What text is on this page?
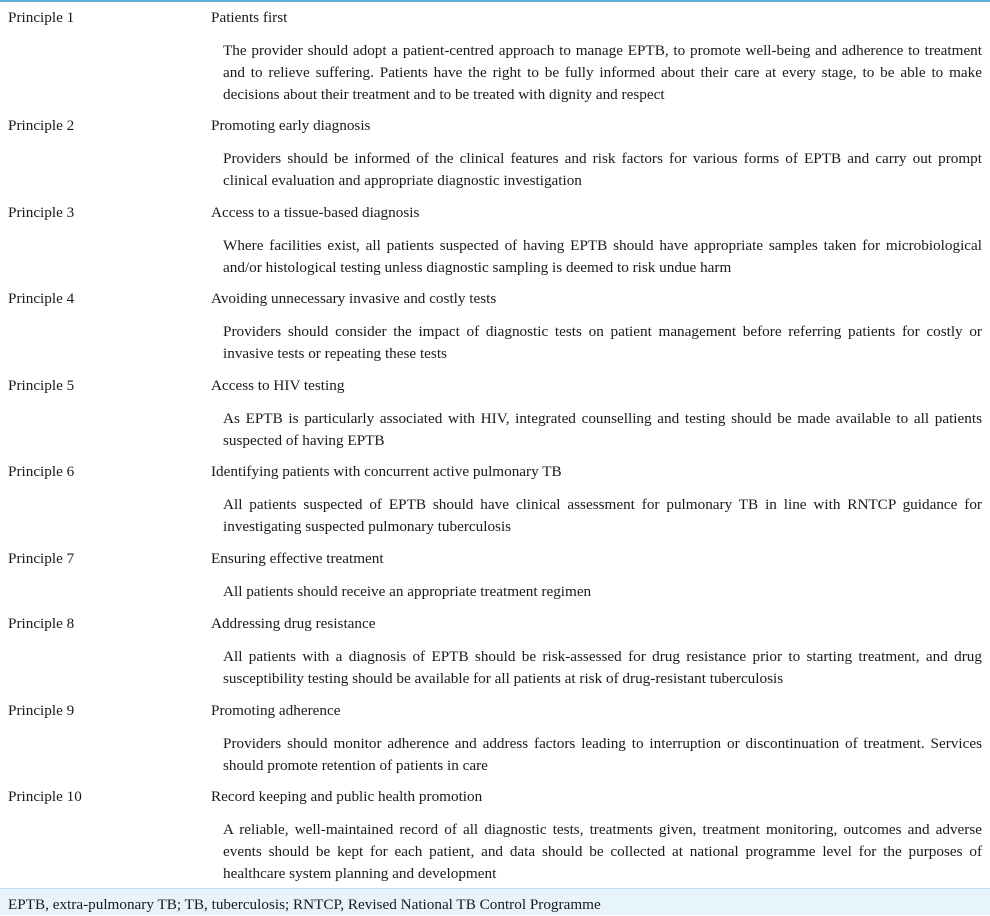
Principle 1	Patients first
The provider should adopt a patient-centred approach to manage EPTB, to promote well-being and adherence to treatment and to relieve suffering. Patients have the right to be fully informed about their care at every stage, to be able to make decisions about their treatment and to be treated with dignity and respect
Principle 2	Promoting early diagnosis
Providers should be informed of the clinical features and risk factors for various forms of EPTB and carry out prompt clinical evaluation and appropriate diagnostic investigation
Principle 3	Access to a tissue-based diagnosis
Where facilities exist, all patients suspected of having EPTB should have appropriate samples taken for microbiological and/or histological testing unless diagnostic sampling is deemed to risk undue harm
Principle 4	Avoiding unnecessary invasive and costly tests
Providers should consider the impact of diagnostic tests on patient management before referring patients for costly or invasive tests or repeating these tests
Principle 5	Access to HIV testing
As EPTB is particularly associated with HIV, integrated counselling and testing should be made available to all patients suspected of having EPTB
Principle 6	Identifying patients with concurrent active pulmonary TB
All patients suspected of EPTB should have clinical assessment for pulmonary TB in line with RNTCP guidance for investigating suspected pulmonary tuberculosis
Principle 7	Ensuring effective treatment
All patients should receive an appropriate treatment regimen
Principle 8	Addressing drug resistance
All patients with a diagnosis of EPTB should be risk-assessed for drug resistance prior to starting treatment, and drug susceptibility testing should be available for all patients at risk of drug-resistant tuberculosis
Principle 9	Promoting adherence
Providers should monitor adherence and address factors leading to interruption or discontinuation of treatment. Services should promote retention of patients in care
Principle 10	Record keeping and public health promotion
A reliable, well-maintained record of all diagnostic tests, treatments given, treatment monitoring, outcomes and adverse events should be kept for each patient, and data should be collected at national programme level for the purposes of healthcare system planning and development
EPTB, extra-pulmonary TB; TB, tuberculosis; RNTCP, Revised National TB Control Programme
